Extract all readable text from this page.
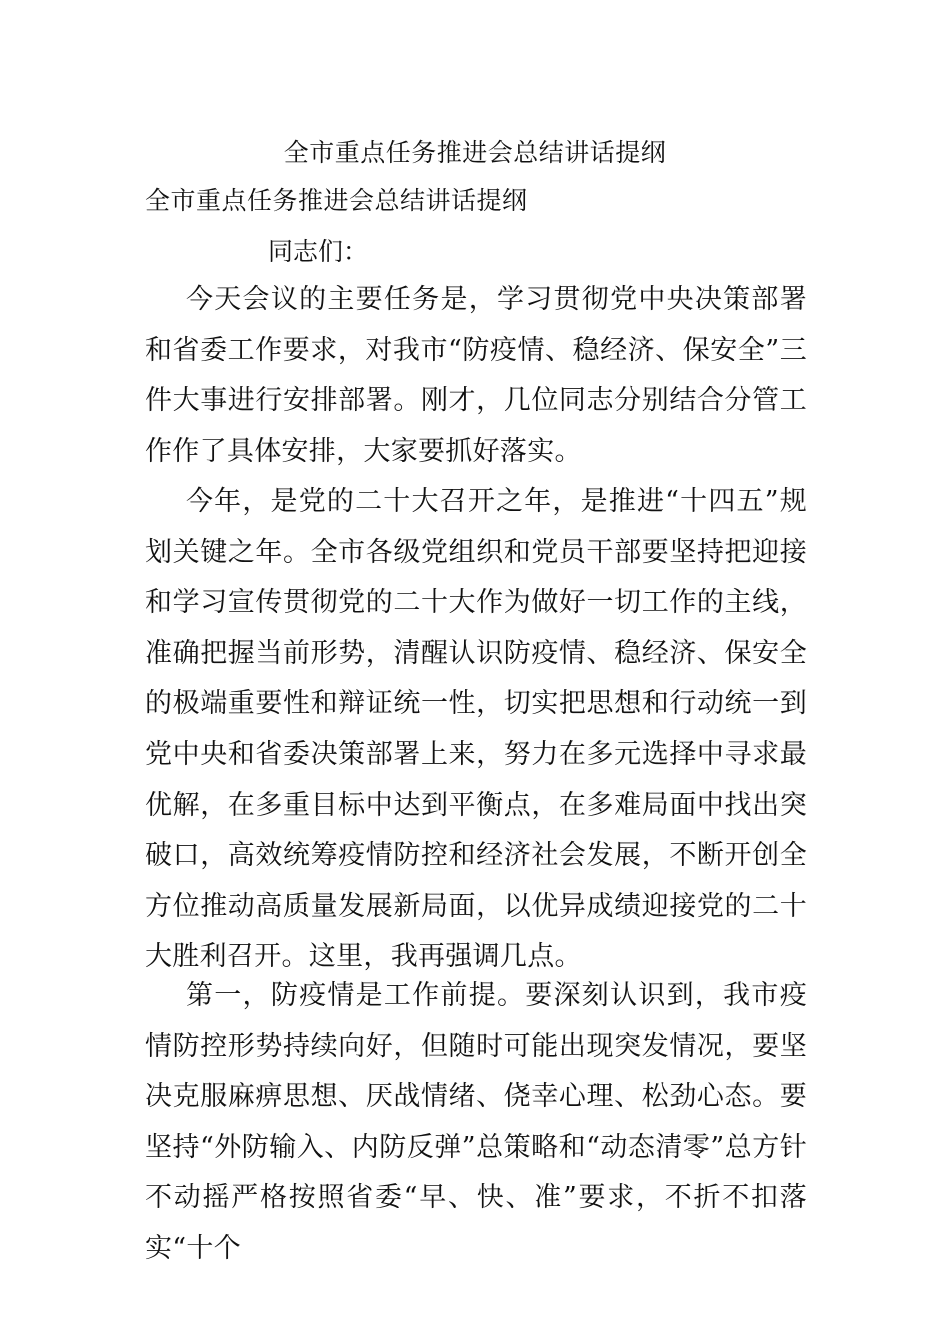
全市重点任务推进会总结讲话提纲
全市重点任务推进会总结讲话提纲
同志们：

今天会议的主要任务是，学习贯彻党中央决策部署和省委工作要求，对我市“防疫情、稳经济、保安全”三件大事进行安排部署。刚才，几位同志分别结合分管工作作了具体安排，大家要抓好落实。

今年，是党的二十大召开之年，是推进“十四五”规划关键之年。全市各级党组织和党员干部要坚持把迎接和学习宣传贯彻党的二十大作为做好一切工作的主线，准确把握当前形势，清醒认识防疫情、稳经济、保安全的极端重要性和辩证统一性，切实把思想和行动统一到党中央和省委决策部署上来，努力在多元选择中寻求最优解，在多重目标中达到平衡点，在多难局面中找出突破口，高效统筹疫情防控和经济社会发展，不断开创全方位推动高质量发展新局面，以优异成绩迎接党的二十大胜利召开。这里，我再强调几点。

第一，防疫情是工作前提。要深刻认识到，我市疫情防控形势持续向好，但随时可能出现突发情况，要坚决克服麻痹思想、厌战情绪、侥幸心理、松劲心态。要坚持“外防输入、内防反弹”总策略和“动态清零”总方针不动摇严格按照省委“早、快、准”要求，不折不扣落实“十个
